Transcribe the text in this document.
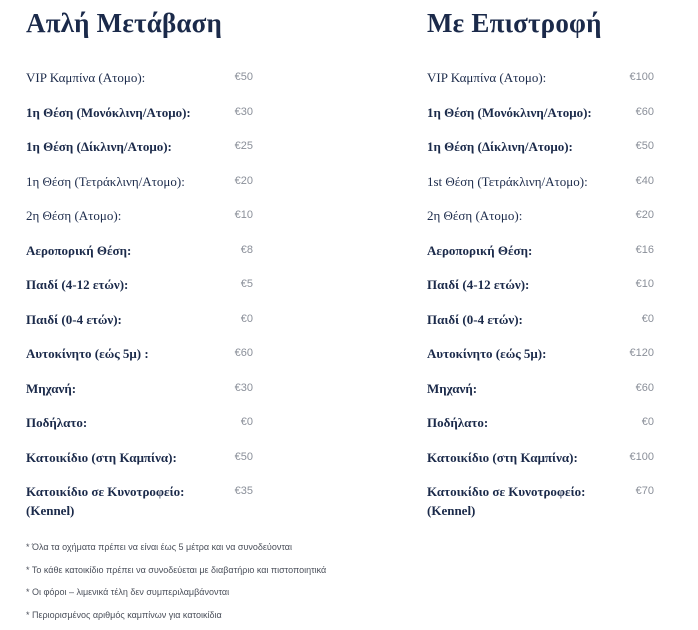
Απλή Μετάβαση
VIP Καμπίνα (Ατομο):	€50
1η Θέση (Μονόκλινη/Ατομο):	€30
1η Θέση (Δίκλινη/Ατομο):	€25
1η Θέση (Τετράκλινη/Ατομο):	€20
2η Θέση (Ατομο):	€10
Αεροπορική Θέση:	€8
Παιδί (4-12 ετών):	€5
Παιδί (0-4 ετών):	€0
Αυτοκίνητο (εώς 5μ) :	€60
Μηχανή:	€30
Ποδήλατο:	€0
Κατοικίδιο (στη Καμπίνα):	€50
Κατοικίδιο σε Κυνοτροφείο: (Kennel)
€35
Με Επιστροφή
VIP Καμπίνα (Ατομο):	€100
1η Θέση (Μονόκλινη/Ατομο):	€60
1η Θέση (Δίκλινη/Ατομο):	€50
1st Θέση (Τετράκλινη/Ατομο):	€40
2η Θέση (Ατομο):	€20
Αεροπορική Θέση:	€16
Παιδί (4-12 ετών):	€10
Παιδί (0-4 ετών):	€0
Αυτοκίνητο (εώς 5μ):	€120
Μηχανή:	€60
Ποδήλατο:	€0
Κατοικίδιο (στη Καμπίνα):	€100
Κατοικίδιο σε Κυνοτροφείο: (Kennel)
€70
* Όλα τα οχήματα πρέπει να είναι έως 5 μέτρα και να συνοδεύονται
* Το κάθε κατοικίδιο πρέπει να συνοδεύεται με διαβατήριο και πιστοποιητικά
* Οι φόροι – λιμενικά τέλη δεν συμπεριλαμβάνονται
* Περιορισμένος αριθμός καμπίνων για κατοικίδια
